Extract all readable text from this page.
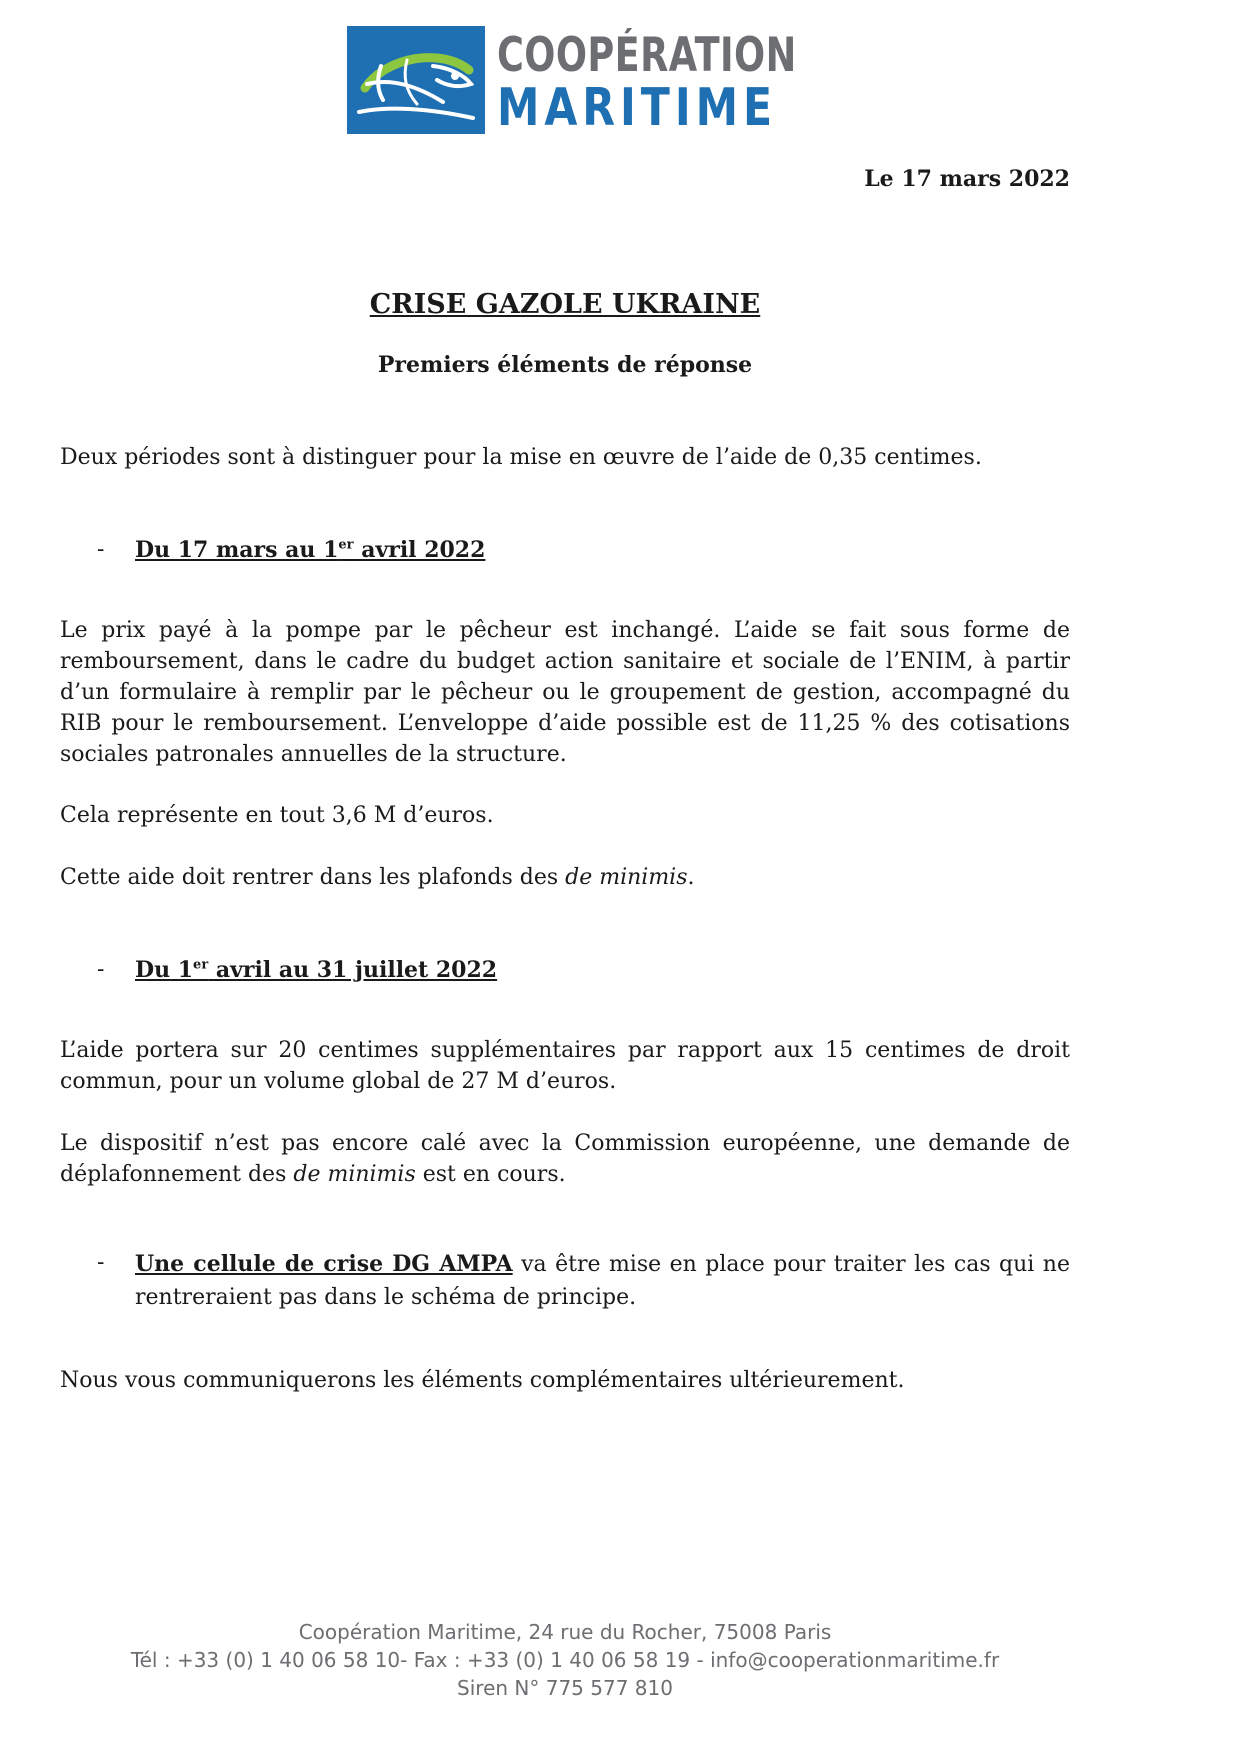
COOPÉRATION
MARITIME
Le 17 mars 2022
CRISE GAZOLE UKRAINE
Premiers éléments de réponse
Deux périodes sont à distinguer pour la mise en œuvre de l’aide de 0,35 centimes.
- Du 17 mars au 1er avril 2022
Le prix payé à la pompe par le pêcheur est inchangé. L’aide se fait sous forme de remboursement, dans le cadre du budget action sanitaire et sociale de l’ENIM, à partir d’un formulaire à remplir par le pêcheur ou le groupement de gestion, accompagné du RIB pour le remboursement. L’enveloppe d’aide possible est de 11,25 % des cotisations sociales patronales annuelles de la structure.
Cela représente en tout 3,6 M d’euros.
Cette aide doit rentrer dans les plafonds des de minimis.
- Du 1er avril au 31 juillet 2022
L’aide portera sur 20 centimes supplémentaires par rapport aux 15 centimes de droit commun, pour un volume global de 27 M d’euros.
Le dispositif n’est pas encore calé avec la Commission européenne, une demande de déplafonnement des de minimis est en cours.
- Une cellule de crise DG AMPA va être mise en place pour traiter les cas qui ne rentreraient pas dans le schéma de principe.
Nous vous communiquerons les éléments complémentaires ultérieurement.
Coopération Maritime, 24 rue du Rocher, 75008 Paris
Tél : +33 (0) 1 40 06 58 10- Fax : +33 (0) 1 40 06 58 19 - info@cooperationmaritime.fr
Siren N° 775 577 810
